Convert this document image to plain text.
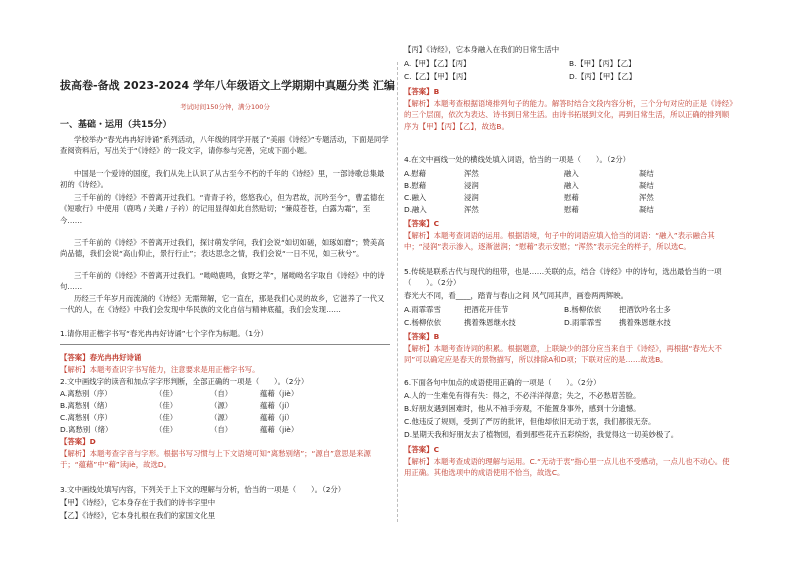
拔高卷-备战 2023-2024 学年八年级语文上学期期中真题分类 汇编
考试时间150分钟，满分100分
一、基础・运用（共15分）
学校举办“春光冉冉好诗诵”系列活动，八年级的同学开展了“美丽《诗经》”专题活动，下面是同学查阅资料后，写出关于“《诗经》的一段文字，请你参与完善，完成下面小题。
中国是一个爱诗的国度，我们从先上认识了从古至今不朽的千年的《诗经》里，一部诗歌总集最初的《诗经》。
三千年前的《诗经》不曾离开过我们。“青青子衿，悠悠我心，但为君故，沉吟至今”，曹孟德在《短歌行》中使用（鹿鸣 / 关雎 / 子衿）的记用显得如此自然贴切；“蒹葭苍苍，白露为霜”，至今……
三千年前的《诗经》不曾离开过我们，探讨萌发学问，我们会说“如切如磋，如琢如磨”；赞美高尚品德，我们会说“高山仰止，景行行止”；表达思念之情，我们会说“一日不见，如三秋兮”。
三千年前的《诗经》不曾离开过我们。“呦呦鹿鸣，食野之苹”，屠呦呦名字取自《诗经》中的诗句……
历经三千年岁月而流淌的《诗经》无需辩解，它一直在，那是我们心灵的故乡，它滋养了一代又一代的人，在《诗经》中我们会发现中华民族的文化自信与精神底蕴，我们会发现……
1.请你用正楷字书写“春光冉冉好诗诵”七个字作为标题。（1分）
【答案】春光冉冉好诗诵
【解析】本题考查识字书写能力，注意要求是用正楷字书写。
2.文中画线字的读音和加点字字形判断，全部正确的一项是（　　）。（2分）
A.离愁别（序）	（佳）	（自）	蕴藉（jiè）
B.离愁别（绪）	（佳）	（源）	蕴藉（jí）
C.离愁别（序）	（佳）	（源）	蕴藉（jí）
D.离愁别（绪）	（佳）	（自）	蕴藉（jiè）
【答案】D
【解析】本题考查字音与字形。根据书写习惯与上下文语境可知“离愁别绪”；“源自”意思是来源于；“蕴藉”中“藉”读jiè，故选D。
3.文中画线处填写内容，下列关于上下文的理解与分析，恰当的一项是（　　）。（2分）
【甲】《诗经》，它本身存在于我们的诗书字里中
【乙】《诗经》，它本身扎根在我们的家国文化里
【丙】《诗经》，它本身融入在我们的日常生活中
A.【甲】【乙】【丙】	B.【甲】【丙】【乙】
C.【乙】【甲】【丙】	D.【丙】【甲】【乙】
【答案】B
【解析】本题考查根据语境排列句子的能力。解答时结合文段内容分析，三个分句对应的正是《诗经》的三个层面，依次为表达、诗书到日常生活。由诗书拓展到文化，再到日常生活，所以正确的排列顺序为【甲】【丙】【乙】，故选B。
4.在文中画线一处的横线处填入词语，恰当的一项是（　　）。（2分）
A.慰藉	浑然	融入	凝结
B.慰藉	浸润	融入	凝结
C.融入	浸润	慰藉	浑然
D.融入	浑然	慰藉	凝结
【答案】C
【解析】本题考查词语的运用。根据语境，句子中的词语应填入恰当的词语：“融入”表示融合其中；“浸润”表示渗入，逐渐滋润；“慰藉”表示安慰；“浑然”表示完全的样子，所以选C。
5.传统是联系古代与现代的纽带，也是……关联的点，结合《诗经》中的诗句，选出最恰当的一项（　　）。（2分）
春光大不同，看____，踏青与春山之间 风气同其声，画卷两两辉映。
A.雨霏霏雪	把酒花开佳节	B.杨柳依依 把酒饮吟名士多
C.杨柳依依	携着殊恩继水技	D.雨霏霏雪 携着殊恩继水技
【答案】B
【解析】本题考查诗词的积累。根据题意，上联缺少的部分应当来自于《诗经》，再根据“春光大不同”可以确定应是春天的景物描写，所以排除A和D项；下联对应的是……故选B。
6.下面各句中加点的成语使用正确的一项是（　　）。（2分）
A.人的一生难免有得有失：得之，不必洋洋得意；失之，不必愁眉苦脸。
B.好朋友遇到困难时，他从不袖手旁观，不能置身事外，感到十分遗憾。
C.他违反了规则，受到了严厉的批评，但他却依旧无动于衷，我们都很无奈。
D.星期天我和好朋友去了植物园，看到那些花卉五彩缤纷，我觉得这一切美妙极了。
【答案】C
【解析】本题考查成语的理解与运用。C.“无动于衷”指心里一点儿也不受感动，一点儿也不动心。使用正确。其他选项中的成语使用不恰当，故选C。
